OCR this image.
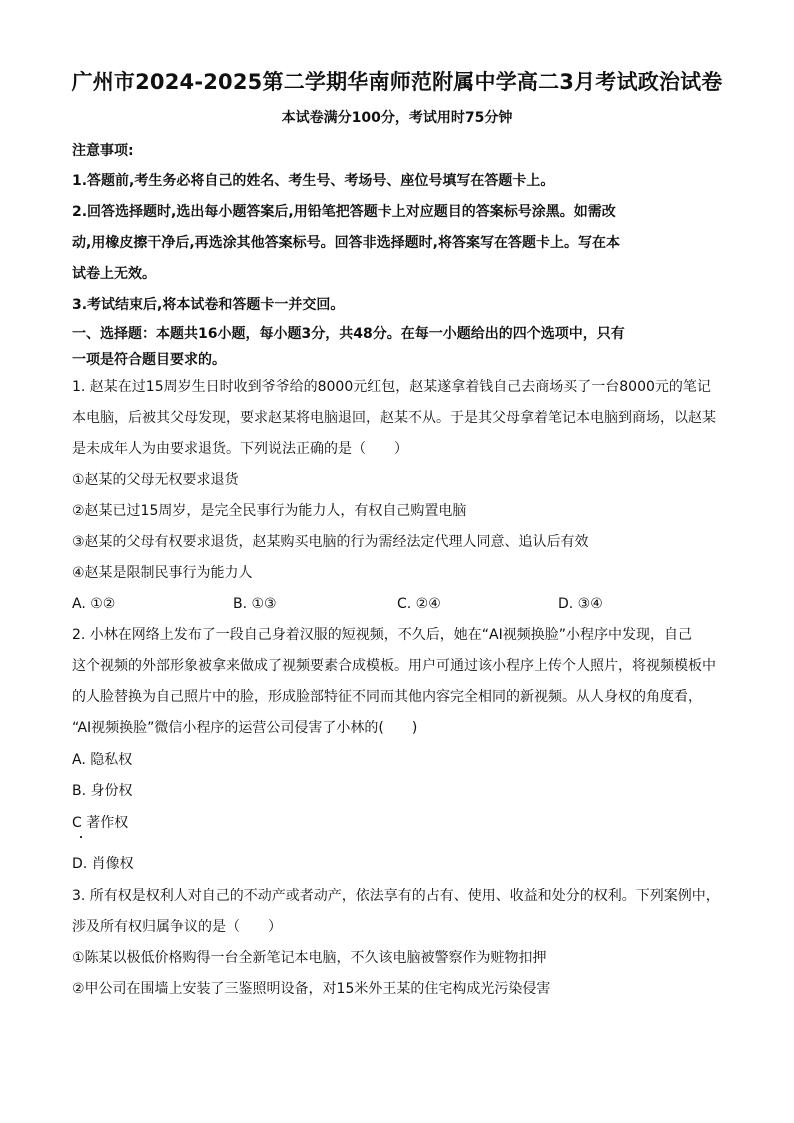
广州市2024-2025第二学期华南师范附属中学高二3月考试政治试卷
本试卷满分100分，考试用时75分钟
注意事项:
1.答题前,考生务必将自己的姓名、考生号、考场号、座位号填写在答题卡上。
2.回答选择题时,选出每小题答案后,用铅笔把答题卡上对应题目的答案标号涂黑。如需改
动,用橡皮擦干净后,再选涂其他答案标号。回答非选择题时,将答案写在答题卡上。写在本
试卷上无效。
3.考试结束后,将本试卷和答题卡一并交回。
一、选择题：本题共16小题，每小题3分，共48分。在每一小题给出的四个选项中，只有
一项是符合题目要求的。
1. 赵某在过15周岁生日时收到爷爷给的8000元红包，赵某遂拿着钱自己去商场买了一台8000元的笔记
本电脑，后被其父母发现，要求赵某将电脑退回，赵某不从。于是其父母拿着笔记本电脑到商场，以赵某
是未成年人为由要求退货。下列说法正确的是（　　）
①赵某的父母无权要求退货
②赵某已过15周岁，是完全民事行为能力人，有权自己购置电脑
③赵某的父母有权要求退货，赵某购买电脑的行为需经法定代理人同意、追认后有效
④赵某是限制民事行为能力人
A. ①②	B. ①③	C. ②④	D. ③④
2. 小林在网络上发布了一段自己身着汉服的短视频，不久后，她在“AI视频换脸”小程序中发现，自己
这个视频的外部形象被拿来做成了视频要素合成模板。用户可通过该小程序上传个人照片，将视频模板中
的人脸替换为自己照片中的脸，形成脸部特征不同而其他内容完全相同的新视频。从人身权的角度看，
“AI视频换脸”微信小程序的运营公司侵害了小林的(　　)
A. 隐私权
B. 身份权
C 著作权
D. 肖像权
3. 所有权是权利人对自己的不动产或者动产，依法享有的占有、使用、收益和处分的权利。下列案例中，
涉及所有权归属争议的是（　　）
①陈某以极低价格购得一台全新笔记本电脑，不久该电脑被警察作为赃物扣押
②甲公司在围墙上安装了三鉴照明设备，对15米外王某的住宅构成光污染侵害
